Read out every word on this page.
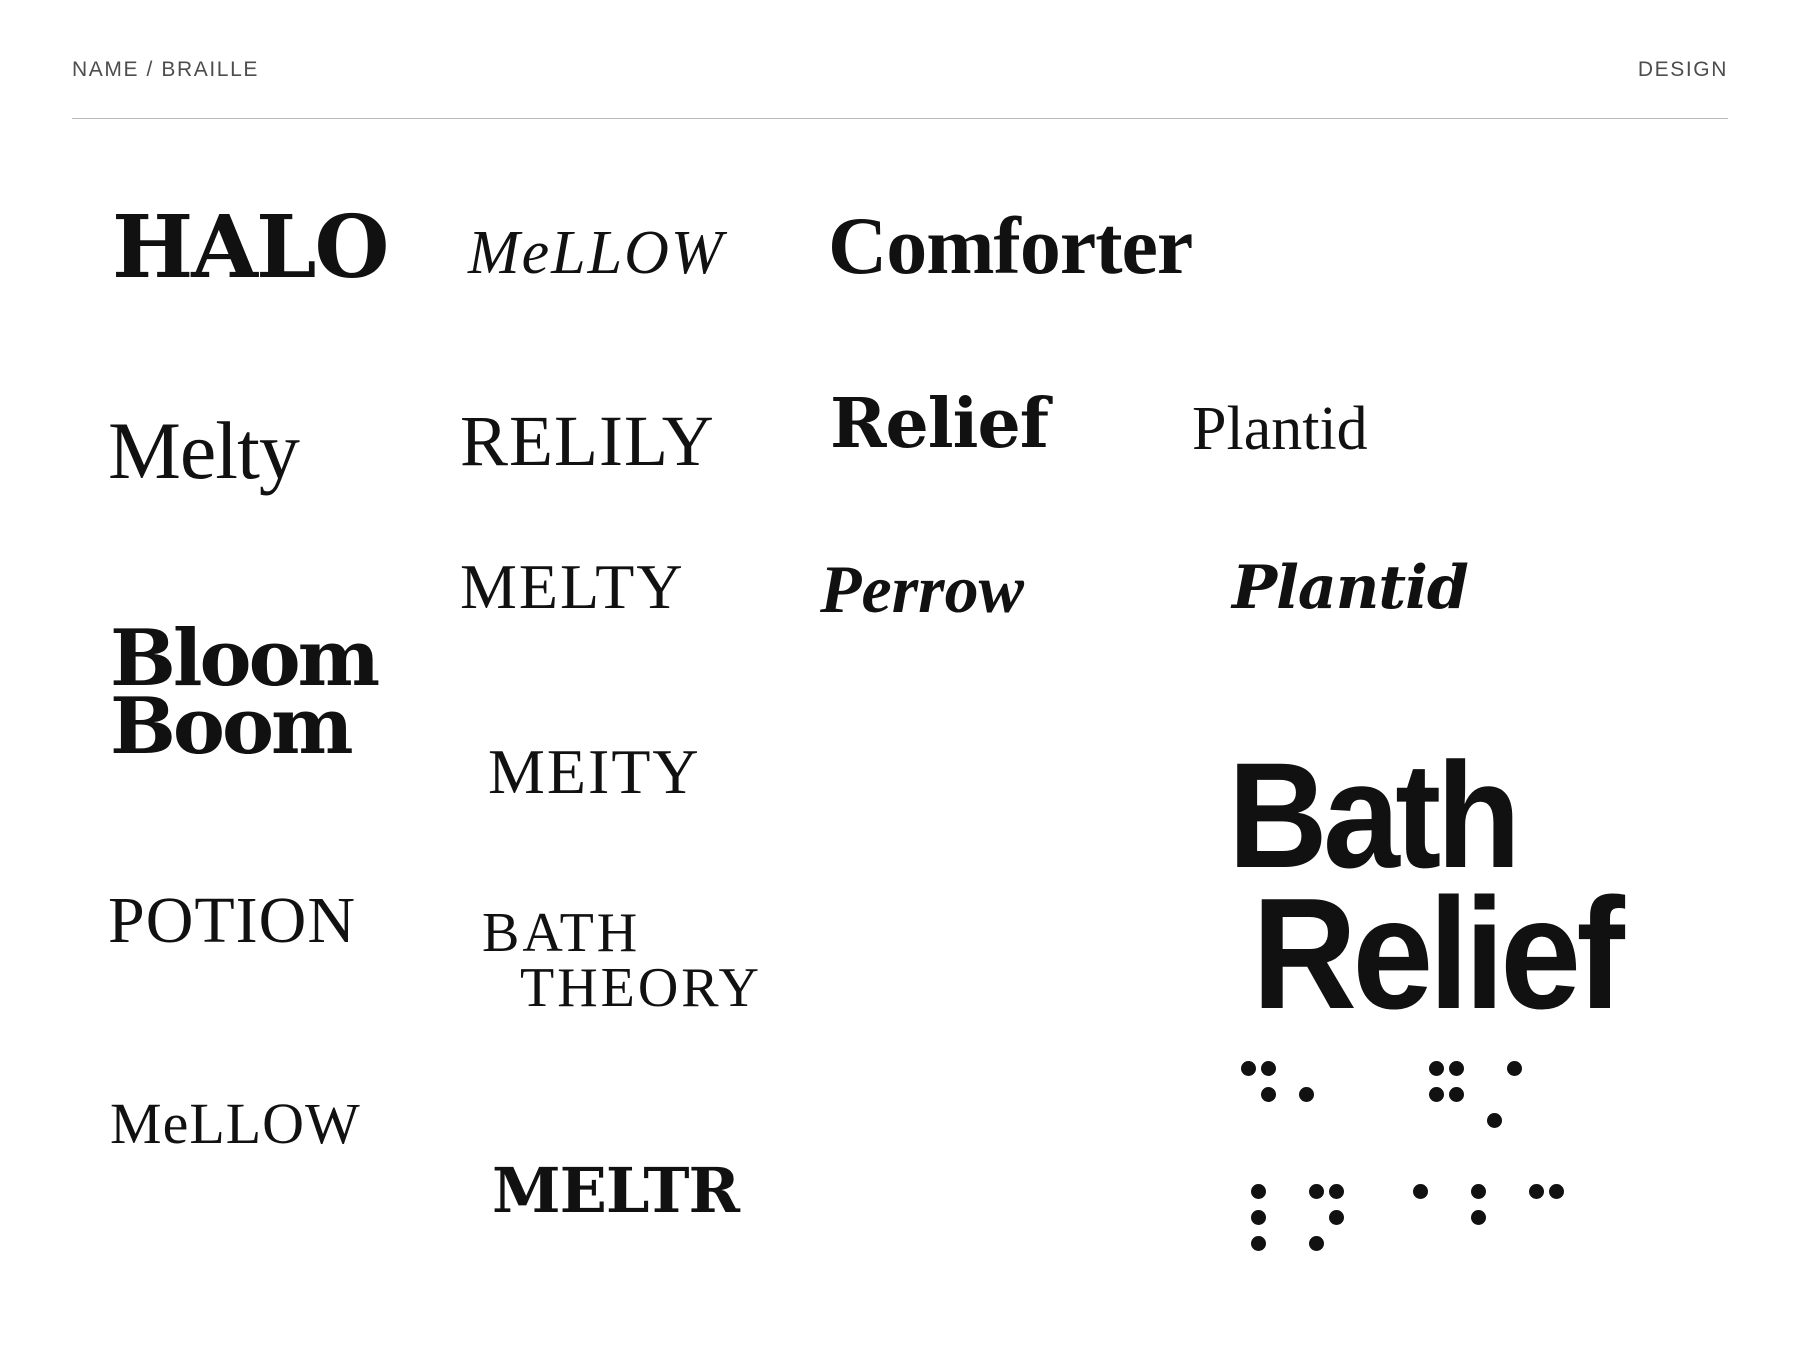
NAME / BRAILLE	DESIGN
HALO
Melty
Bloom
Boom
POTION
MeLLOW
MeLLOW
RELILY
MELTY
MEITY
BATH
THEORY
MELTR
Comforter
Relief
Perrow
Plantid
Plantid
Bath
Relief
